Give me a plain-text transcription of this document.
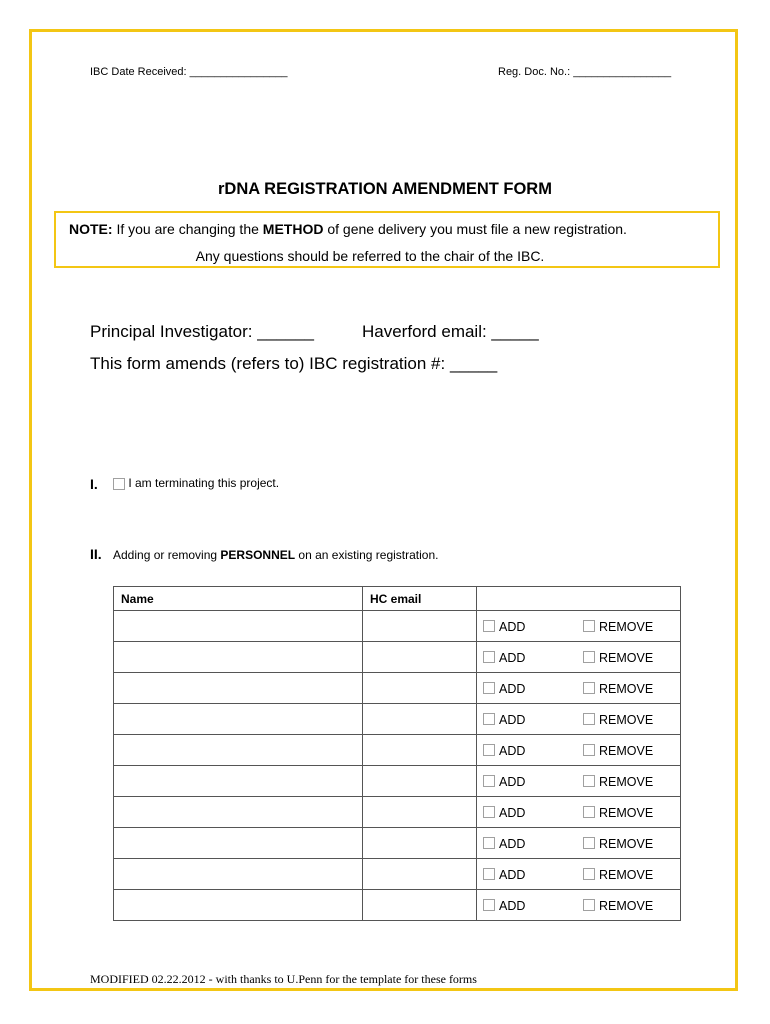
IBC Date Received: ________________	Reg. Doc. No.: ________________
rDNA REGISTRATION AMENDMENT FORM
NOTE: If you are changing the METHOD of gene delivery you must file a new registration.
Any questions should be referred to the chair of the IBC.
Principal Investigator: ______	Haverford email: _____
This form amends (refers to) IBC registration #: _____
I.	I am terminating this project.
II. Adding or removing PERSONNEL on an existing registration.
Name	HC email	

		ADD REMOVE

		ADD REMOVE

		ADD REMOVE

		ADD REMOVE

		ADD REMOVE

		ADD REMOVE

		ADD REMOVE

		ADD REMOVE

		ADD REMOVE

		ADD REMOVE
MODIFIED 02.22.2012 - with thanks to U.Penn for the template for these forms
